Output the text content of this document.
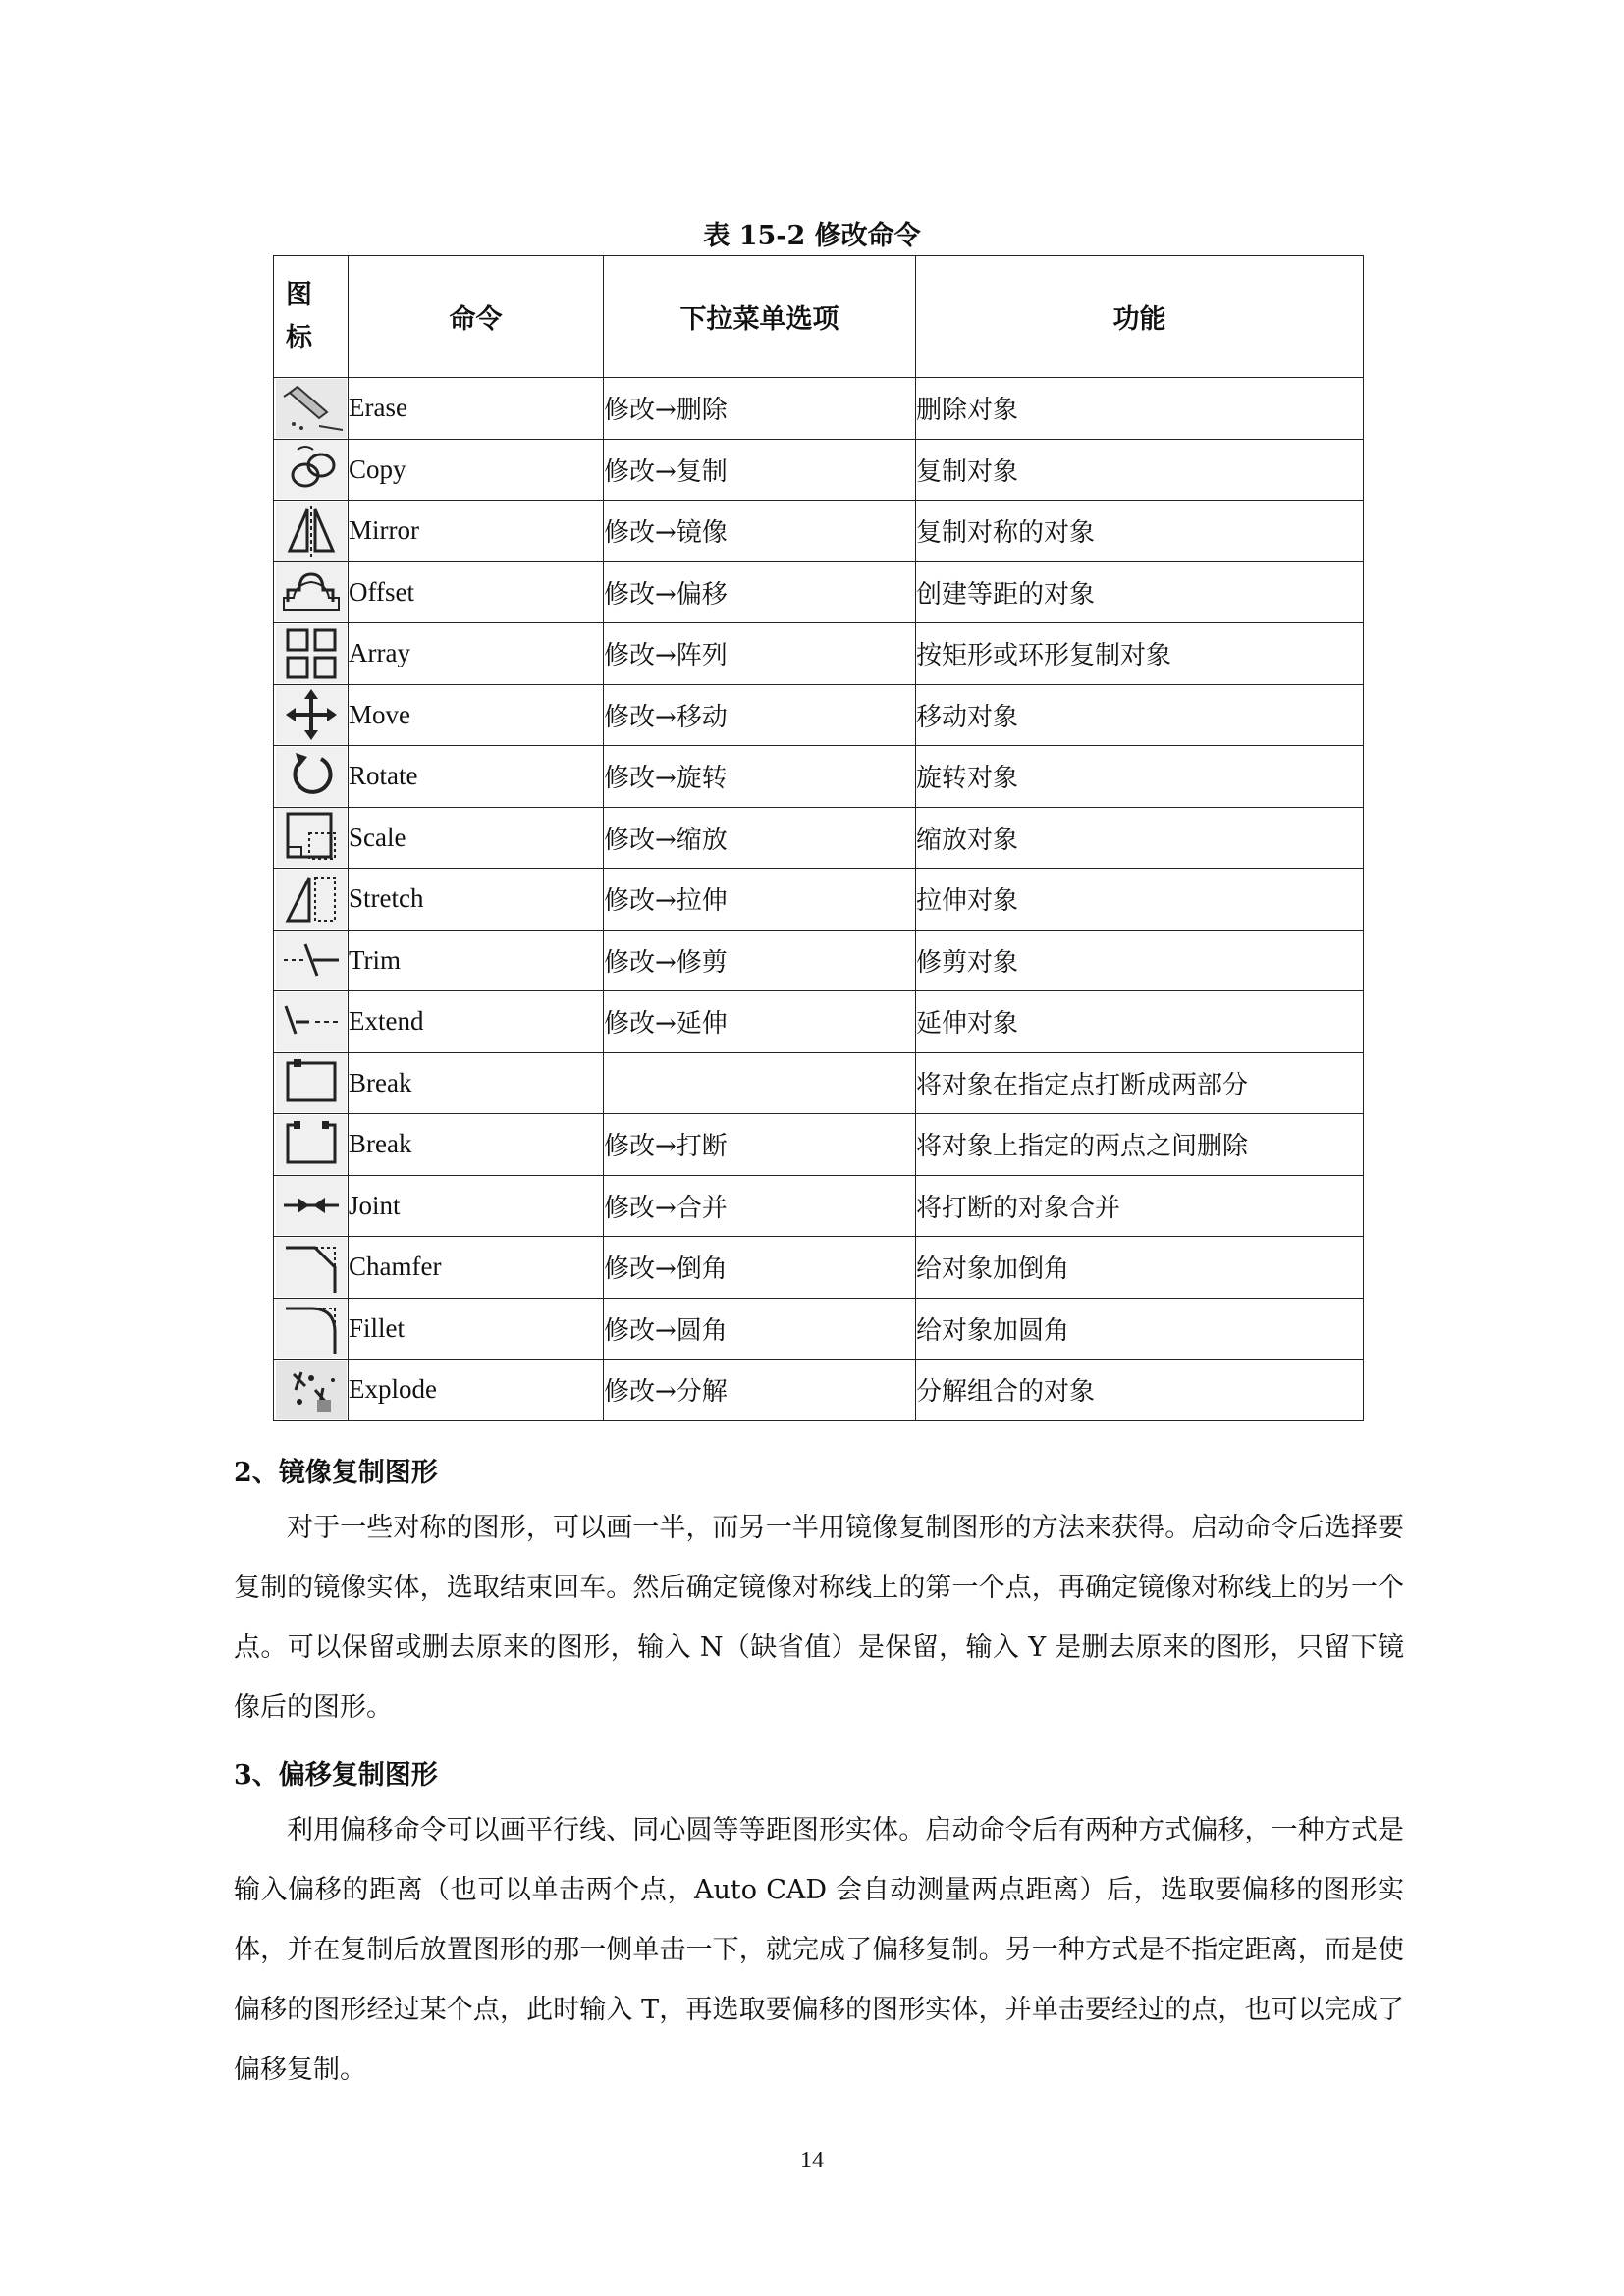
表 15-2 修改命令
图
标	命令	下拉菜单选项	功能

	Erase	修改→删除	删除对象

	Copy	修改→复制	复制对象

	Mirror	修改→镜像	复制对称的对象

	Offset	修改→偏移	创建等距的对象

	Array	修改→阵列	按矩形或环形复制对象

	Move	修改→移动	移动对象

	Rotate	修改→旋转	旋转对象

	Scale	修改→缩放	缩放对象

	Stretch	修改→拉伸	拉伸对象

	Trim	修改→修剪	修剪对象

	Extend	修改→延伸	延伸对象

	Break		将对象在指定点打断成两部分

	Break	修改→打断	将对象上指定的两点之间删除

	Joint	修改→合并	将打断的对象合并

	Chamfer	修改→倒角	给对象加倒角

	Fillet	修改→圆角	给对象加圆角

	Explode	修改→分解	分解组合的对象
2、镜像复制图形

对于一些对称的图形，可以画一半，而另一半用镜像复制图形的方法来获得。启动命令后选择要复制的镜像实体，选取结束回车。然后确定镜像对称线上的第一个点，再确定镜像对称线上的另一个点。可以保留或删去原来的图形，输入 N（缺省值）是保留，输入 Y 是删去原来的图形，只留下镜像后的图形。

3、偏移复制图形

利用偏移命令可以画平行线、同心圆等等距图形实体。启动命令后有两种方式偏移，一种方式是输入偏移的距离（也可以单击两个点，Auto CAD 会自动测量两点距离）后，选取要偏移的图形实体，并在复制后放置图形的那一侧单击一下，就完成了偏移复制。另一种方式是不指定距离，而是使偏移的图形经过某个点，此时输入 T，再选取要偏移的图形实体，并单击要经过的点，也可以完成了偏移复制。

14
